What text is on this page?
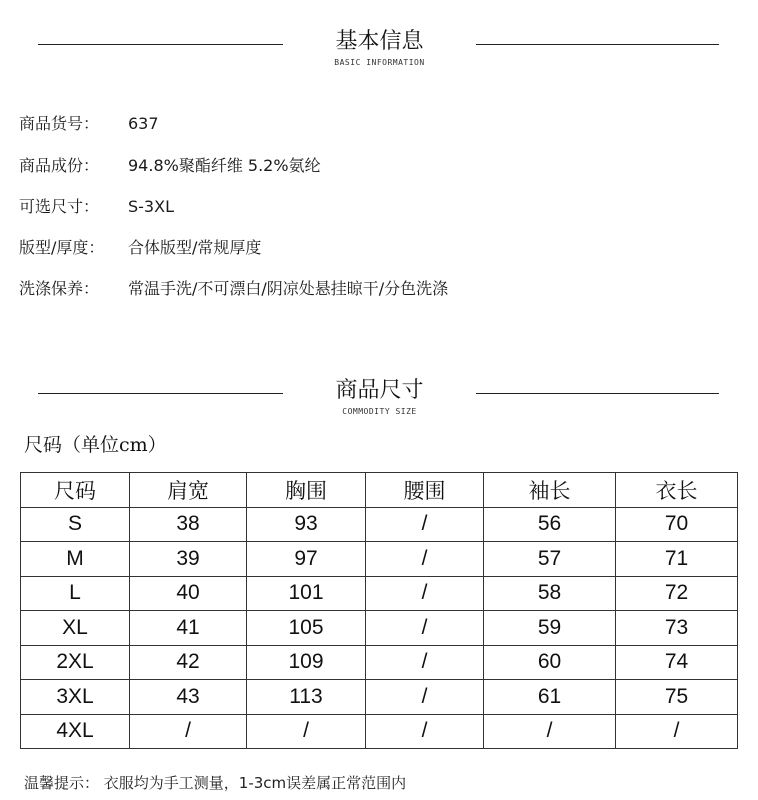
基本信息
BASIC INFORMATION
商品货号： 637
商品成份： 94.8%聚酯纤维 5.2%氨纶
可选尺寸： S-3XL
版型/厚度： 合体版型/常规厚度
洗涤保养： 常温手洗/不可漂白/阴凉处悬挂晾干/分色洗涤
商品尺寸
COMMODITY SIZE
尺码（单位cm）
尺码	肩宽	胸围	腰围	袖长	衣长
S	38	93	/	56	70
M	39	97	/	57	71
L	40	101	/	58	72
XL	41	105	/	59	73
2XL	42	109	/	60	74
3XL	43	113	/	61	75
4XL	/	/	/	/	/
温馨提示： 衣服均为手工测量，1-3cm误差属正常范围内
